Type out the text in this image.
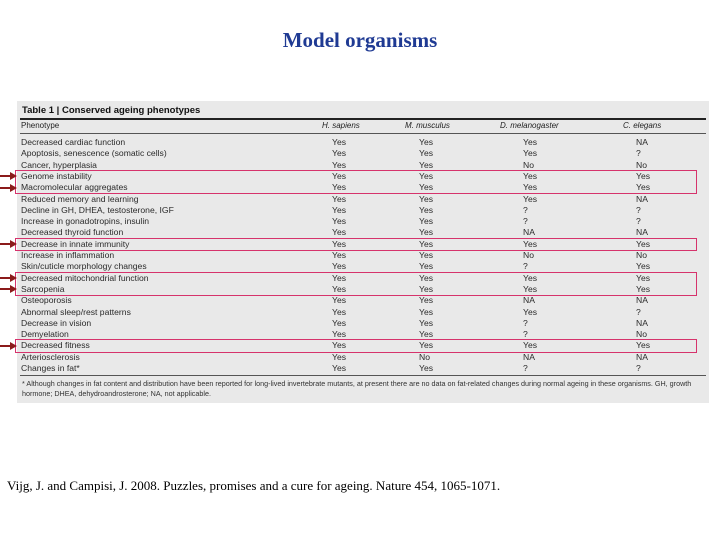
Model organisms
Table 1 | Conserved ageing phenotypes
Phenotype	H. sapiens	M. musculus	D. melanogaster	C. elegans
Decreased cardiac function	Yes	Yes	Yes	NA
Apoptosis, senescence (somatic cells)	Yes	Yes	Yes	?
Cancer, hyperplasia	Yes	Yes	No	No
Genome instability	Yes	Yes	Yes	Yes
Macromolecular aggregates	Yes	Yes	Yes	Yes
Reduced memory and learning	Yes	Yes	Yes	NA
Decline in GH, DHEA, testosterone, IGF	Yes	Yes	?	?
Increase in gonadotropins, insulin	Yes	Yes	?	?
Decreased thyroid function	Yes	Yes	NA	NA
Decrease in innate immunity	Yes	Yes	Yes	Yes
Increase in inflammation	Yes	Yes	No	No
Skin/cuticle morphology changes	Yes	Yes	?	Yes
Decreased mitochondrial function	Yes	Yes	Yes	Yes
Sarcopenia	Yes	Yes	Yes	Yes
Osteoporosis	Yes	Yes	NA	NA
Abnormal sleep/rest patterns	Yes	Yes	Yes	?
Decrease in vision	Yes	Yes	?	NA
Demyelation	Yes	Yes	?	No
Decreased fitness	Yes	Yes	Yes	Yes
Arteriosclerosis	Yes	No	NA	NA
Changes in fat*	Yes	Yes	?	?
* Although changes in fat content and distribution have been reported for long-lived invertebrate mutants, at present there are no data on fat-related changes during normal ageing in these organisms. GH, growth hormone; DHEA, dehydroandrosterone; NA, not applicable.
Vijg, J. and Campisi, J. 2008. Puzzles, promises and a cure for ageing. Nature 454, 1065-1071.
